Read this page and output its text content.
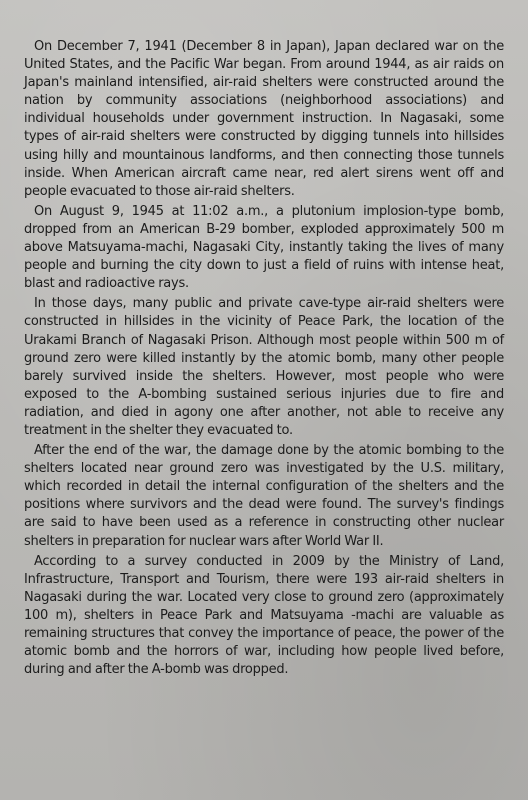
On December 7, 1941 (December 8 in Japan), Japan declared war on the United States, and the Pacific War began. From around 1944, as air raids on Japan's mainland intensified, air-raid shelters were constructed around the nation by community associations (neighborhood associations) and individual households under government instruction. In Nagasaki, some types of air-raid shelters were constructed by digging tunnels into hillsides using hilly and mountainous landforms, and then connecting those tunnels inside. When American aircraft came near, red alert sirens went off and people evacuated to those air-raid shelters.

On August 9, 1945 at 11:02 a.m., a plutonium implosion-type bomb, dropped from an American B-29 bomber, exploded approximately 500 m above Matsuyama-machi, Nagasaki City, instantly taking the lives of many people and burning the city down to just a field of ruins with intense heat, blast and radioactive rays.

In those days, many public and private cave-type air-raid shelters were constructed in hillsides in the vicinity of Peace Park, the location of the Urakami Branch of Nagasaki Prison. Although most people within 500 m of ground zero were killed instantly by the atomic bomb, many other people barely survived inside the shelters. However, most people who were exposed to the A-bombing sustained serious injuries due to fire and radiation, and died in agony one after another, not able to receive any treatment in the shelter they evacuated to.

After the end of the war, the damage done by the atomic bombing to the shelters located near ground zero was investigated by the U.S. military, which recorded in detail the internal configuration of the shelters and the positions where survivors and the dead were found. The survey's findings are said to have been used as a reference in constructing other nuclear shelters in preparation for nuclear wars after World War II.

According to a survey conducted in 2009 by the Ministry of Land, Infrastructure, Transport and Tourism, there were 193 air-raid shelters in Nagasaki during the war. Located very close to ground zero (approximately 100 m), shelters in Peace Park and Matsuyama -machi are valuable as remaining structures that convey the importance of peace, the power of the atomic bomb and the horrors of war, including how people lived before, during and after the A-bomb was dropped.
